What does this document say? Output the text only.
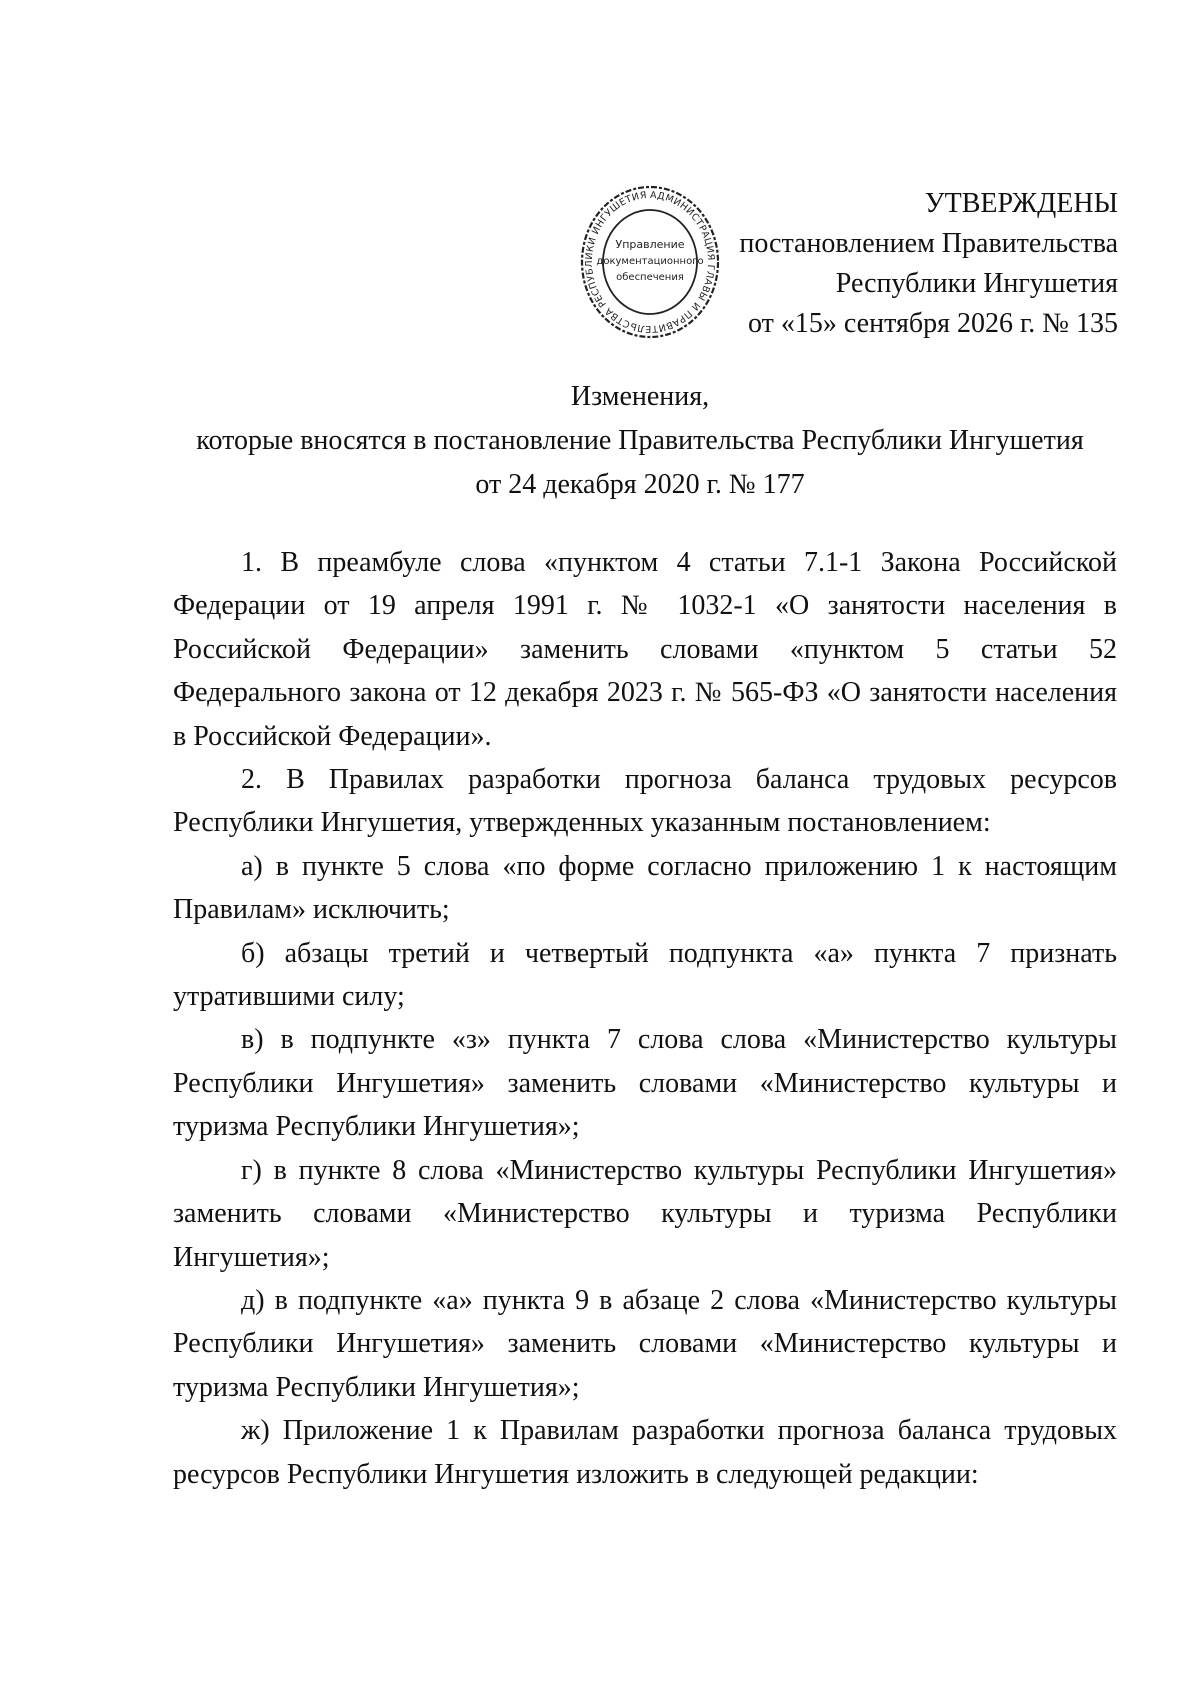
АДМИНИСТРАЦИЯ ГЛАВЫ И ПРАВИТЕЛЬСТВА РЕСПУБЛИКИ ИНГУШЕТИЯ
Управление
документационного
обеспечения
УТВЕРЖДЕНЫ
постановлением Правительства
Республики Ингушетия
от «15» сентября 2026 г. № 135
Изменения,
которые вносятся в постановление Правительства Республики Ингушетия
от 24 декабря 2020 г. № 177

1. В преамбуле слова «пунктом 4 статьи 7.1-1 Закона Российской Федерации от 19 апреля 1991 г. № 1032-1 «О занятости населения в Российской Федерации» заменить словами «пунктом 5 статьи 52 Федерального закона от 12 декабря 2023 г. № 565-ФЗ «О занятости населения в Российской Федерации».

2. В Правилах разработки прогноза баланса трудовых ресурсов Республики Ингушетия, утвержденных указанным постановлением:

а) в пункте 5 слова «по форме согласно приложению 1 к настоящим Правилам» исключить;

б) абзацы третий и четвертый подпункта «а» пункта 7 признать утратившими силу;

в) в подпункте «з» пункта 7 слова слова «Министерство культуры Республики Ингушетия» заменить словами «Министерство культуры и туризма Республики Ингушетия»;

г) в пункте 8 слова «Министерство культуры Республики Ингушетия» заменить словами «Министерство культуры и туризма Республики Ингушетия»;

д) в подпункте «а» пункта 9 в абзаце 2 слова «Министерство культуры Республики Ингушетия» заменить словами «Министерство культуры и туризма Республики Ингушетия»;

ж) Приложение 1 к Правилам разработки прогноза баланса трудовых ресурсов Республики Ингушетия изложить в следующей редакции:
